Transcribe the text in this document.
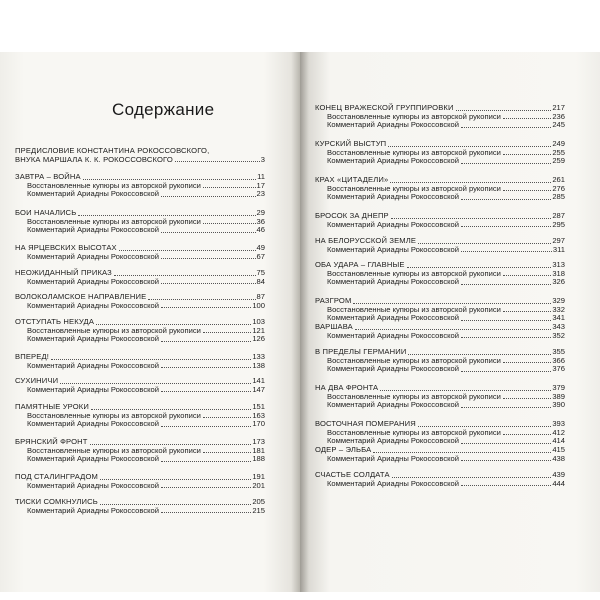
Содержание
ПРЕДИСЛОВИЕ КОНСТАНТИНА РОКОССОВСКОГО,
ВНУКА МАРШАЛА К. К. РОКОССОВСКОГО	3
ЗАВТРА – ВОЙНА	11
Восстановленные купюры из авторской рукописи	17
Комментарий Ариадны Рокоссовской	23
БОИ НАЧАЛИСЬ	29
Восстановленные купюры из авторской рукописи	36
Комментарий Ариадны Рокоссовской	46
НА ЯРЦЕВСКИХ ВЫСОТАХ	49
Комментарий Ариадны Рокоссовской	67
НЕОЖИДАННЫЙ ПРИКАЗ	75
Комментарий Ариадны Рокоссовской	84
ВОЛОКОЛАМСКОЕ НАПРАВЛЕНИЕ	87
Комментарий Ариадны Рокоссовской	100
ОТСТУПАТЬ НЕКУДА	103
Восстановленные купюры из авторской рукописи	121
Комментарий Ариадны Рокоссовской	126
ВПЕРЕД!	133
Комментарий Ариадны Рокоссовской	138
СУХИНИЧИ	141
Комментарий Ариадны Рокоссовской	147
ПАМЯТНЫЕ УРОКИ	151
Восстановленные купюры из авторской рукописи	163
Комментарий Ариадны Рокоссовской	170
БРЯНСКИЙ ФРОНТ	173
Восстановленные купюры из авторской рукописи	181
Комментарий Ариадны Рокоссовской	188
ПОД СТАЛИНГРАДОМ	191
Комментарий Ариадны Рокоссовской	201
ТИСКИ СОМКНУЛИСЬ	205
Комментарий Ариадны Рокоссовской	215
КОНЕЦ ВРАЖЕСКОЙ ГРУППИРОВКИ	217
Восстановленные купюры из авторской рукописи	236
Комментарий Ариадны Рокоссовской	245
КУРСКИЙ ВЫСТУП	249
Восстановленные купюры из авторской рукописи	255
Комментарий Ариадны Рокоссовской	259
КРАХ «ЦИТАДЕЛИ»	261
Восстановленные купюры из авторской рукописи	276
Комментарий Ариадны Рокоссовской	285
БРОСОК ЗА ДНЕПР	287
Комментарий Ариадны Рокоссовской	295
НА БЕЛОРУССКОЙ ЗЕМЛЕ	297
Комментарий Ариадны Рокоссовской	311
ОБА УДАРА – ГЛАВНЫЕ	313
Восстановленные купюры из авторской рукописи	318
Комментарий Ариадны Рокоссовской	326
РАЗГРОМ	329
Восстановленные купюры из авторской рукописи	332
Комментарий Ариадны Рокоссовской	341
ВАРШАВА	343
Комментарий Ариадны Рокоссовской	352
В ПРЕДЕЛЫ ГЕРМАНИИ	355
Восстановленные купюры из авторской рукописи	366
Комментарий Ариадны Рокоссовской	376
НА ДВА ФРОНТА	379
Восстановленные купюры из авторской рукописи	389
Комментарий Ариадны Рокоссовской	390
ВОСТОЧНАЯ ПОМЕРАНИЯ	393
Восстановленные купюры из авторской рукописи	412
Комментарий Ариадны Рокоссовской	414
ОДЕР – ЭЛЬБА	415
Комментарий Ариадны Рокоссовской	438
СЧАСТЬЕ СОЛДАТА	439
Комментарий Ариадны Рокоссовской	444
